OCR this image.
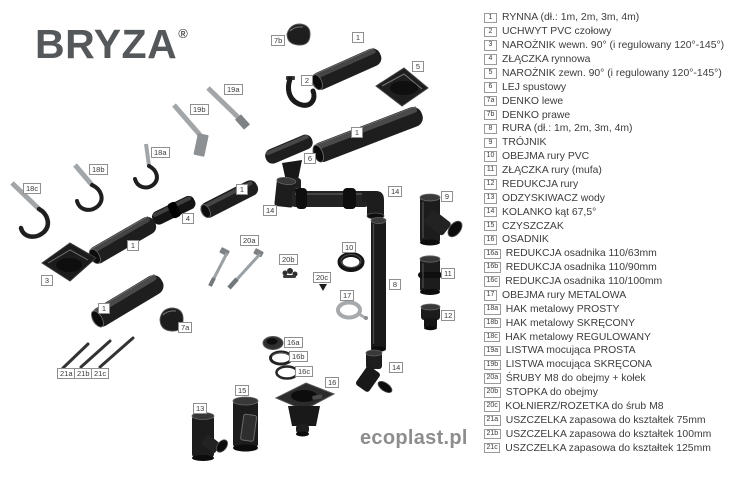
BRYZA®	7b	1
5
2
19a
19b
1
18a
6
18b
18c	1	14
9
14
4
20a
1	10
20b
11
20c
3	8
17
1
12
7a
16a
16b
16c	14
21a 21b 21c
16
15
13
ecoplast.pl
1 RYNNA (dł.: 1m, 2m, 3m, 4m)
2 UCHWYT PVC czołowy
3 NAROŻNIK wewn. 90° (i regulowany 120°-145°)
4 ZŁĄCZKA rynnowa
5 NAROŻNIK zewn. 90° (i regulowany 120°-145°)
6 LEJ spustowy
7a DENKO lewe
7b DENKO prawe
8 RURA (dł.: 1m, 2m, 3m, 4m)
9 TRÓJNIK
10 OBEJMA rury PVC
11 ZŁĄCZKA rury (mufa)
12 REDUKCJA rury
13 ODZYSKIWACZ wody
14 KOLANKO kąt 67,5°
15 CZYSZCZAK
16 OSADNIK
16a REDUKCJA osadnika 110/63mm
16b REDUKCJA osadnika 110/90mm
16c REDUKCJA osadnika 110/100mm
17 OBEJMA rury METALOWA
18a HAK metalowy PROSTY
18b HAK metalowy SKRĘCONY
18c HAK metalowy REGULOWANY
19a LISTWA mocująca PROSTA
19b LISTWA mocująca SKRĘCONA
20a ŚRUBY M8 do obejmy + kołek
20b STOPKA do obejmy
20c KOŁNIERZ/ROZETKA do śrub M8
21a USZCZELKA zapasowa do kształtek 75mm
21b USZCZELKA zapasowa do kształtek 100mm
21c USZCZELKA zapasowa do kształtek 125mm
